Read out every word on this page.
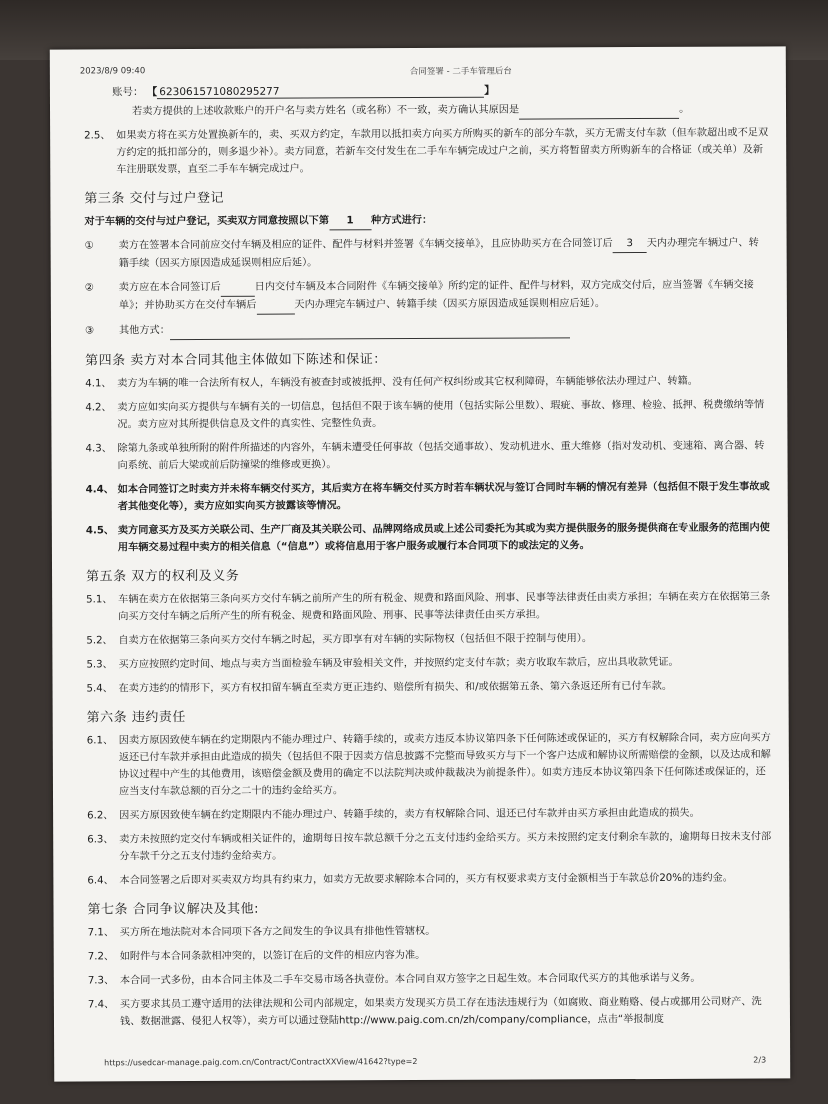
2023/8/9 09:40	合同签署 - 二手车管理后台
账号： 【 623061571080295277	】
若卖方提供的上述收款账户的开户名与卖方姓名（或名称）不一致，卖方确认其原因是	。
2.5、 如果卖方将在买方处置换新车的，卖、买双方约定，车款用以抵扣卖方向买方所购买的新车的部分车款，买方无需支付车款（但车款超出或不足双方约定的抵扣部分的，则多退少补）。卖方同意，若新车交付发生在二手车车辆完成过户之前，买方将暂留卖方所购新车的合格证（或关单）及新车注册联发票，直至二手车车辆完成过户。
第三条 交付与过户登记
对于车辆的交付与过户登记，买卖双方同意按照以下第 1 种方式进行：
①	卖方在签署本合同前应交付车辆及相应的证件、配件与材料并签署《车辆交接单》，且应协助买方在合同签订后 3 天内办理完车辆过户、转籍手续（因买方原因造成延误则相应后延）。
②	卖方应在本合同签订后	日内交付车辆及本合同附件《车辆交接单》所约定的证件、配件与材料，双方完成交付后，应当签署《车辆交接单》；并协助买方在交付车辆后	天内办理完车辆过户、转籍手续（因买方原因造成延误则相应后延）。
③	其他方式：
第四条 卖方对本合同其他主体做如下陈述和保证：
4.1、 卖方为车辆的唯一合法所有权人，车辆没有被查封或被抵押、没有任何产权纠纷或其它权利障碍，车辆能够依法办理过户、转籍。
4.2、 卖方应如实向买方提供与车辆有关的一切信息，包括但不限于该车辆的使用（包括实际公里数）、瑕疵、事故、修理、检验、抵押、税费缴纳等情况。卖方应对其所提供信息及文件的真实性、完整性负责。
4.3、 除第九条或单独所附的附件所描述的内容外，车辆未遭受任何事故（包括交通事故）、发动机进水、重大维修（指对发动机、变速箱、离合器、转向系统、前后大梁或前后防撞梁的维修或更换）。
4.4、 如本合同签订之时卖方并未将车辆交付买方，其后卖方在将车辆交付买方时若车辆状况与签订合同时车辆的情况有差异（包括但不限于发生事故或者其他变化等），卖方应如实向买方披露该等情况。
4.5、 卖方同意买方及买方关联公司、生产厂商及其关联公司、品牌网络成员或上述公司委托为其或为卖方提供服务的服务提供商在专业服务的范围内使用车辆交易过程中卖方的相关信息（“信息”）或将信息用于客户服务或履行本合同项下的或法定的义务。
第五条 双方的权利及义务
5.1、 车辆在卖方在依据第三条向买方交付车辆之前所产生的所有税金、规费和路面风险、刑事、民事等法律责任由卖方承担；车辆在卖方在依据第三条向买方交付车辆之后所产生的所有税金、规费和路面风险、刑事、民事等法律责任由买方承担。
5.2、 自卖方在依据第三条向买方交付车辆之时起，买方即享有对车辆的实际物权（包括但不限于控制与使用）。
5.3、 买方应按照约定时间、地点与卖方当面检验车辆及审验相关文件，并按照约定支付车款；卖方收取车款后，应出具收款凭证。
5.4、 在卖方违约的情形下，买方有权扣留车辆直至卖方更正违约、赔偿所有损失、和/或依据第五条、第六条返还所有已付车款。
第六条 违约责任
6.1、 因卖方原因致使车辆在约定期限内不能办理过户、转籍手续的，或卖方违反本协议第四条下任何陈述或保证的，买方有权解除合同，卖方应向买方返还已付车款并承担由此造成的损失（包括但不限于因卖方信息披露不完整而导致买方与下一个客户达成和解协议所需赔偿的金额，以及达成和解协议过程中产生的其他费用，该赔偿金额及费用的确定不以法院判决或仲裁裁决为前提条件）。如卖方违反本协议第四条下任何陈述或保证的，还应当支付车款总额的百分之二十的违约金给买方。
6.2、 因买方原因致使车辆在约定期限内不能办理过户、转籍手续的，卖方有权解除合同、退还已付车款并由买方承担由此造成的损失。
6.3、 卖方未按照约定交付车辆或相关证件的，逾期每日按车款总额千分之五支付违约金给买方。买方未按照约定支付剩余车款的，逾期每日按未支付部分车款千分之五支付违约金给卖方。
6.4、 本合同签署之后即对买卖双方均具有约束力，如卖方无故要求解除本合同的，买方有权要求卖方支付金额相当于车款总价20%的违约金。
第七条 合同争议解决及其他:
7.1、 买方所在地法院对本合同项下各方之间发生的争议具有排他性管辖权。
7.2、 如附件与本合同条款相冲突的，以签订在后的文件的相应内容为准。
7.3、 本合同一式多份，由本合同主体及二手车交易市场各执壹份。本合同自双方签字之日起生效。本合同取代买方的其他承诺与义务。
7.4、 买方要求其员工遵守适用的法律法规和公司内部规定，如果卖方发现买方员工存在违法违规行为（如腐败、商业贿赂、侵占或挪用公司财产、洗钱、数据泄露、侵犯人权等），卖方可以通过登陆http://www.paig.com.cn/zh/company/compliance，点击“举报制度
https://usedcar-manage.paig.com.cn/Contract/ContractXXView/41642?type=2	2/3
